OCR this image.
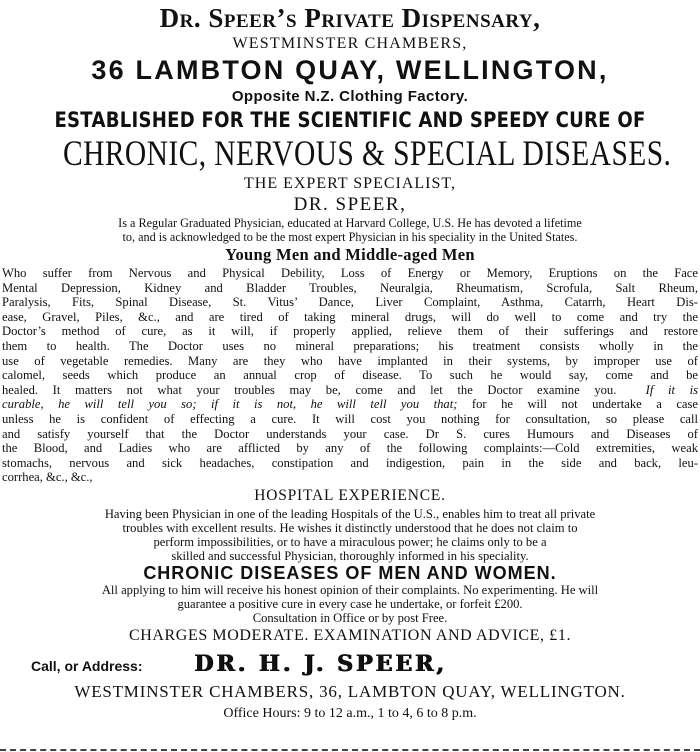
Dr. Speer’s Private Dispensary,
WESTMINSTER CHAMBERS,
36 LAMBTON QUAY, WELLINGTON,
Opposite N.Z. Clothing Factory.
ESTABLISHED FOR THE SCIENTIFIC AND SPEEDY CURE OF
CHRONIC, NERVOUS & SPECIAL DISEASES.
THE EXPERT SPECIALIST,
DR. SPEER,
Is a Regular Graduated Physician, educated at Harvard College, U.S. He has devoted a lifetime
to, and is acknowledged to be the most expert Physician in his speciality in the United States.
Young Men and Middle-aged Men
Who suffer from Nervous and Physical Debility, Loss of Energy or Memory, Eruptions on the Face
Mental Depression, Kidney and Bladder Troubles, Neuralgia, Rheumatism, Scrofula, Salt Rheum,
Paralysis, Fits, Spinal Disease, St. Vitus’ Dance, Liver Complaint, Asthma, Catarrh, Heart Dis-
ease, Gravel, Piles, &c., and are tired of taking mineral drugs, will do well to come and try the
Doctor’s method of cure, as it will, if properly applied, relieve them of their sufferings and restore
them to health. The Doctor uses no mineral preparations; his treatment consists wholly in the
use of vegetable remedies. Many are they who have implanted in their systems, by improper use of
calomel, seeds which produce an annual crop of disease. To such he would say, come and be
healed. It matters not what your troubles may be, come and let the Doctor examine you. If it is
curable, he will tell you so; if it is not, he will tell you that; for he will not undertake a case
unless he is confident of effecting a cure. It will cost you nothing for consultation, so please call
and satisfy yourself that the Doctor understands your case. Dr S. cures Humours and Diseases of
the Blood, and Ladies who are afflicted by any of the following complaints:—Cold extremities, weak
stomachs, nervous and sick headaches, constipation and indigestion, pain in the side and back, leu-
corrhea, &c., &c.,
HOSPITAL EXPERIENCE.
Having been Physician in one of the leading Hospitals of the U.S., enables him to treat all private
troubles with excellent results. He wishes it distinctly understood that he does not claim to
perform impossibilities, or to have a miraculous power; he claims only to be a
skilled and successful Physician, thoroughly informed in his speciality.
CHRONIC DISEASES OF MEN AND WOMEN.
All applying to him will receive his honest opinion of their complaints. No experimenting. He will
guarantee a positive cure in every case he undertake, or forfeit £200.
Consultation in Office or by post Free.
CHARGES MODERATE. EXAMINATION AND ADVICE, £1.
Call, or Address:	DR. H. J. SPEER,
WESTMINSTER CHAMBERS, 36, LAMBTON QUAY, WELLINGTON.
Office Hours: 9 to 12 a.m., 1 to 4, 6 to 8 p.m.
